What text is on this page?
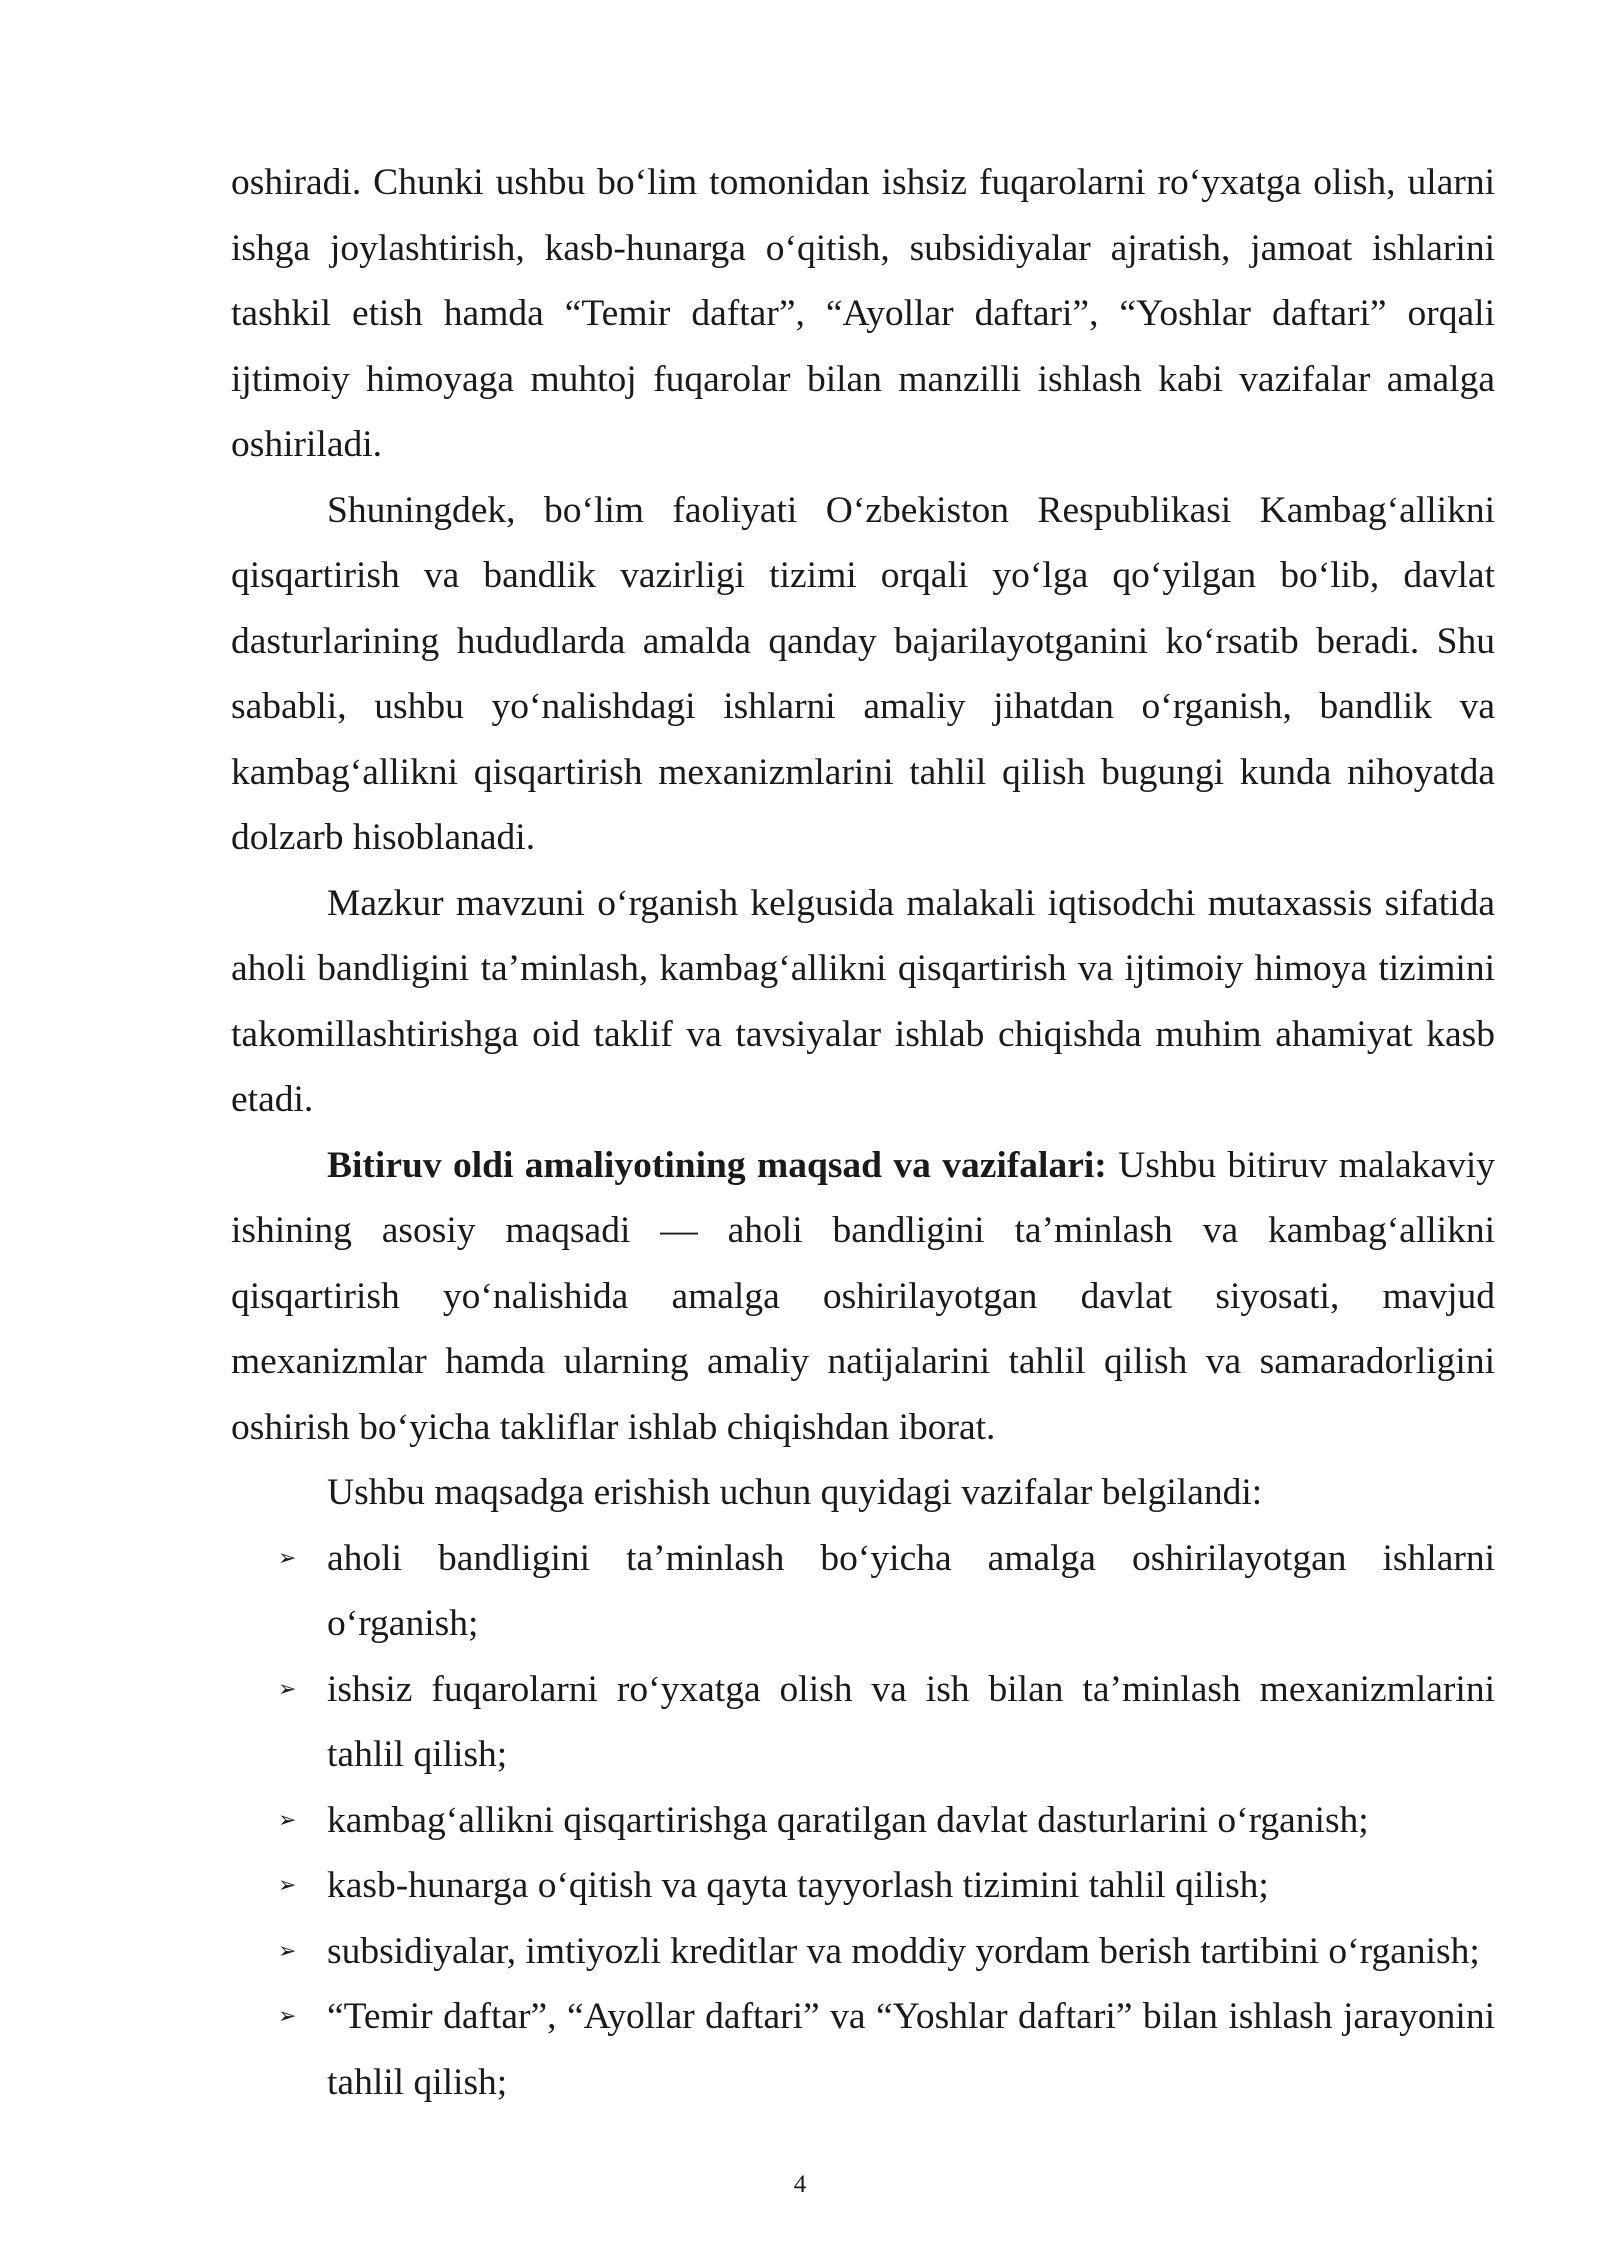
oshiradi. Chunki ushbu bo‘lim tomonidan ishsiz fuqarolarni ro‘yxatga olish, ularni ishga joylashtirish, kasb-hunarga o‘qitish, subsidiyalar ajratish, jamoat ishlarini tashkil etish hamda “Temir daftar”, “Ayollar daftari”, “Yoshlar daftari” orqali ijtimoiy himoyaga muhtoj fuqarolar bilan manzilli ishlash kabi vazifalar amalga oshiriladi.

Shuningdek, bo‘lim faoliyati O‘zbekiston Respublikasi Kambag‘allikni qisqartirish va bandlik vazirligi tizimi orqali yo‘lga qo‘yilgan bo‘lib, davlat dasturlarining hududlarda amalda qanday bajarilayotganini ko‘rsatib beradi. Shu sababli, ushbu yo‘nalishdagi ishlarni amaliy jihatdan o‘rganish, bandlik va kambag‘allikni qisqartirish mexanizmlarini tahlil qilish bugungi kunda nihoyatda dolzarb hisoblanadi.

Mazkur mavzuni o‘rganish kelgusida malakali iqtisodchi mutaxassis sifatida aholi bandligini ta’minlash, kambag‘allikni qisqartirish va ijtimoiy himoya tizimini takomillashtirishga oid taklif va tavsiyalar ishlab chiqishda muhim ahamiyat kasb etadi.

Bitiruv oldi amaliyotining maqsad va vazifalari: Ushbu bitiruv malakaviy ishining asosiy maqsadi — aholi bandligini ta’minlash va kambag‘allikni qisqartirish yo‘nalishida amalga oshirilayotgan davlat siyosati, mavjud mexanizmlar hamda ularning amaliy natijalarini tahlil qilish va samaradorligini oshirish bo‘yicha takliflar ishlab chiqishdan iborat.

Ushbu maqsadga erishish uchun quyidagi vazifalar belgilandi:

➢ aholi bandligini ta’minlash bo‘yicha amalga oshirilayotgan ishlarni o‘rganish;
➢ ishsiz fuqarolarni ro‘yxatga olish va ish bilan ta’minlash mexanizmlarini tahlil qilish;
➢ kambag‘allikni qisqartirishga qaratilgan davlat dasturlarini o‘rganish;
➢ kasb-hunarga o‘qitish va qayta tayyorlash tizimini tahlil qilish;
➢ subsidiyalar, imtiyozli kreditlar va moddiy yordam berish tartibini o‘rganish;
➢ “Temir daftar”, “Ayollar daftari” va “Yoshlar daftari” bilan ishlash jarayonini tahlil qilish;
4
